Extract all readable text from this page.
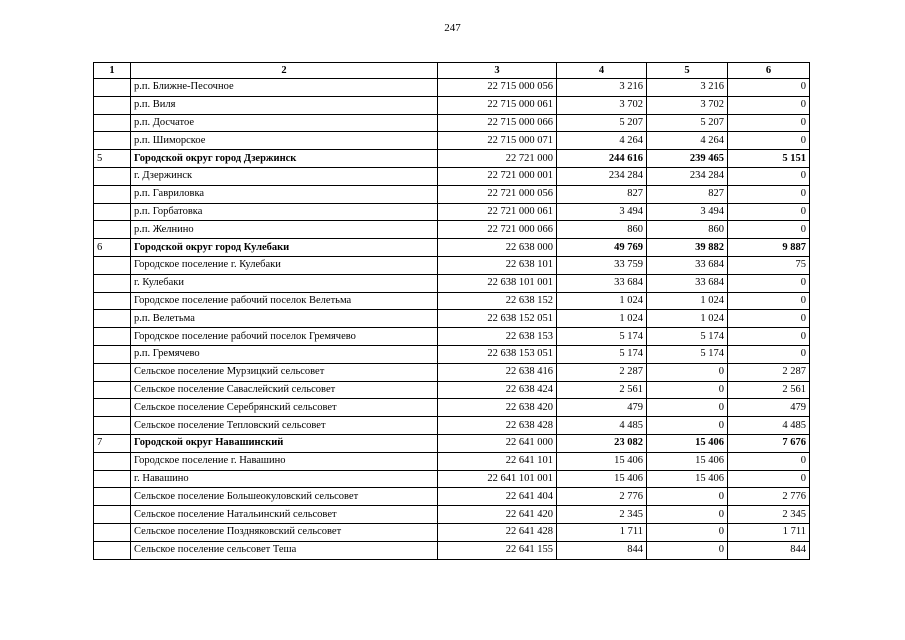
247
1	2	3	4	5	6
	р.п. Ближне-Песочное	22 715 000 056	3 216	3 216	0
	р.п. Виля	22 715 000 061	3 702	3 702	0
	р.п. Досчатое	22 715 000 066	5 207	5 207	0
	р.п. Шиморское	22 715 000 071	4 264	4 264	0
5	Городской округ город Дзержинск	22 721 000	244 616	239 465	5 151
	г. Дзержинск	22 721 000 001	234 284	234 284	0
	р.п. Гавриловка	22 721 000 056	827	827	0
	р.п. Горбатовка	22 721 000 061	3 494	3 494	0
	р.п. Желнино	22 721 000 066	860	860	0
6	Городской округ город Кулебаки	22 638 000	49 769	39 882	9 887
	Городское поселение г. Кулебаки	22 638 101	33 759	33 684	75
	г. Кулебаки	22 638 101 001	33 684	33 684	0
	Городское поселение рабочий поселок Велетьма	22 638 152	1 024	1 024	0
	р.п. Велетьма	22 638 152 051	1 024	1 024	0
	Городское поселение рабочий поселок Гремячево	22 638 153	5 174	5 174	0
	р.п. Гремячево	22 638 153 051	5 174	5 174	0
	Сельское поселение Мурзицкий сельсовет	22 638 416	2 287	0	2 287
	Сельское поселение Саваслейский сельсовет	22 638 424	2 561	0	2 561
	Сельское поселение Серебрянский сельсовет	22 638 420	479	0	479
	Сельское поселение Тепловский сельсовет	22 638 428	4 485	0	4 485
7	Городской округ Навашинский	22 641 000	23 082	15 406	7 676
	Городское поселение г. Навашино	22 641 101	15 406	15 406	0
	г. Навашино	22 641 101 001	15 406	15 406	0
	Сельское поселение Большеокуловский сельсовет	22 641 404	2 776	0	2 776
	Сельское поселение Натальинский сельсовет	22 641 420	2 345	0	2 345
	Сельское поселение Поздняковский сельсовет	22 641 428	1 711	0	1 711
	Сельское поселение сельсовет Теша	22 641 155	844	0	844
